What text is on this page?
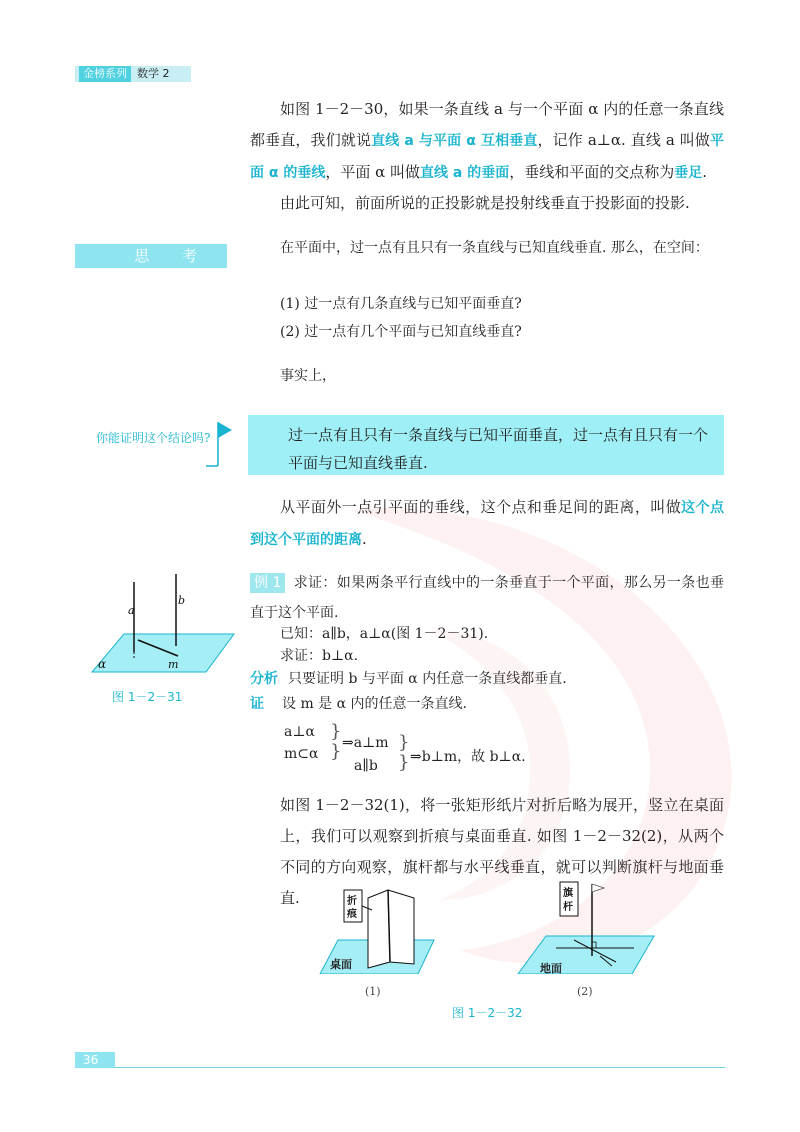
金榜系列 数学 2
如图 1－2－30，如果一条直线 a 与一个平面 α 内的任意一条直线都垂直，我们就说直线 a 与平面 α 互相垂直，记作 a⊥α. 直线 a 叫做平面 α 的垂线，平面 α 叫做直线 a 的垂面，垂线和平面的交点称为垂足.
由此可知，前面所说的正投影就是投射线垂直于投影面的投影.
思 考	在平面中，过一点有且只有一条直线与已知直线垂直. 那么，在空间：
(1) 过一点有几条直线与已知平面垂直?
(2) 过一点有几个平面与已知直线垂直?
事实上，
你能证明这个结论吗?	过一点有且只有一条直线与已知平面垂直，过一点有且只有一个平面与已知直线垂直.
从平面外一点引平面的垂线，这个点和垂足间的距离，叫做这个点到这个平面的距离.
例 1 求证：如果两条平行直线中的一条垂直于一个平面，那么另一条也垂直于这个平面.
已知：a∥b，a⊥α(图 1－2－31).
求证：b⊥α.
分析 只要证明 b 与平面 α 内任意一条直线都垂直.
证 设 m 是 α 内的任意一条直线.
a⊥α
m⊂α
}
} ⇒a⊥m
a∥b
}
} ⇒b⊥m，故 b⊥α.
a
b
α	m
图 1－2－31
如图 1－2－32(1)，将一张矩形纸片对折后略为展开，竖立在桌面上，我们可以观察到折痕与桌面垂直. 如图 1－2－32(2)，从两个不同的方向观察，旗杆都与水平线垂直，就可以判断旗杆与地面垂直.	折
痕
桌面
(1)
旗
杆
地面
(2)
图 1－2－32
36
